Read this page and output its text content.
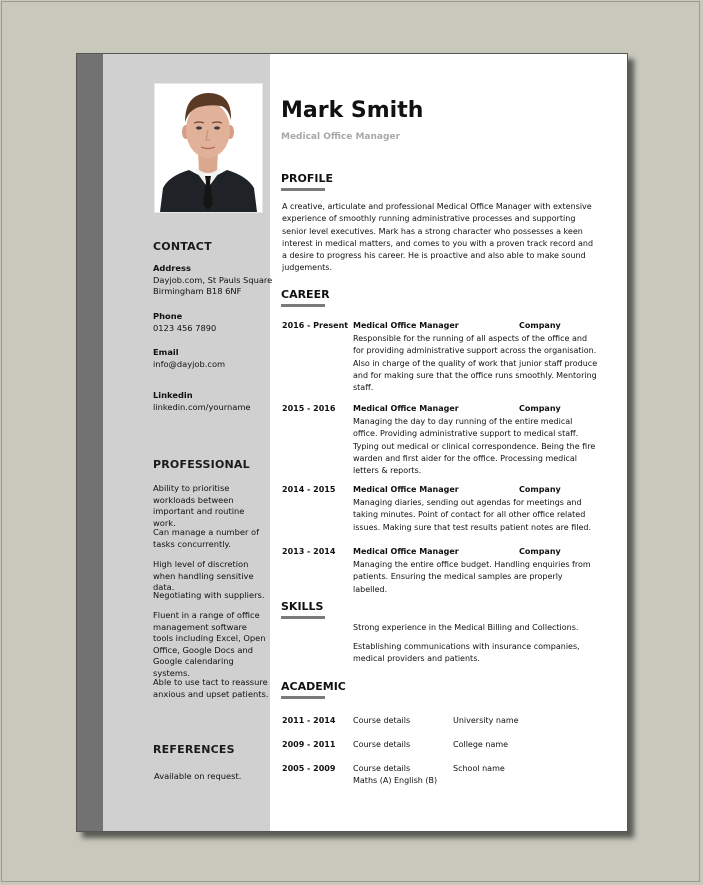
CONTACT
Address
Dayjob.com, St Pauls Square
Birmingham B18 6NF
Phone
0123 456 7890
Email
info@dayjob.com
Linkedin
linkedin.com/yourname
PROFESSIONAL
Ability to prioritise workloads between important and routine work.
Can manage a number of tasks concurrently.
High level of discretion when handling sensitive data.
Negotiating with suppliers.
Fluent in a range of office management software tools including Excel, Open Office, Google Docs and Google calendaring systems.
Able to use tact to reassure anxious and upset patients.
REFERENCES
Available on request.
Mark Smith
Medical Office Manager
PROFILE
A creative, articulate and professional Medical Office Manager with extensive experience of smoothly running administrative processes and supporting senior level executives. Mark has a strong character who possesses a keen interest in medical matters, and comes to you with a proven track record and a desire to progress his career. He is proactive and also able to make sound judgements.
CAREER
2016 - Present Medical Office Manager	Company
Responsible for the running of all aspects of the office and for providing administrative support across the organisation. Also in charge of the quality of work that junior staff produce and for making sure that the office runs smoothly. Mentoring staff.
2015 - 2016 Medical Office Manager	Company
Managing the day to day running of the entire medical office. Providing administrative support to medical staff. Typing out medical or clinical correspondence. Being the fire warden and first aider for the office. Processing medical letters & reports.
2014 - 2015 Medical Office Manager	Company
Managing diaries, sending out agendas for meetings and taking minutes. Point of contact for all other office related issues. Making sure that test results patient notes are filed.
2013 - 2014 Medical Office Manager	Company
Managing the entire office budget. Handling enquiries from patients. Ensuring the medical samples are properly labelled.
SKILLS
Strong experience in the Medical Billing and Collections.
Establishing communications with insurance companies, medical providers and patients.
ACADEMIC
2011 - 2014 Course details	University name
2009 - 2011 Course details	College name
2005 - 2009 Course details	School name
Maths (A) English (B)
